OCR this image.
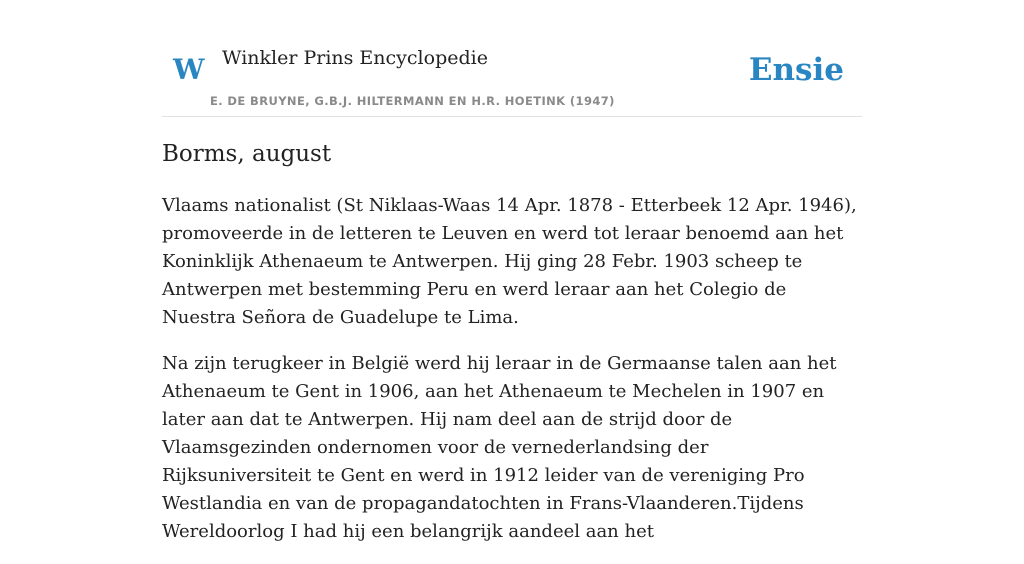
W Winkler Prins Encyclopedie
E. DE BRUYNE, G.B.J. HILTERMANN EN H.R. HOETINK (1947)
Ensie
Borms, august

Vlaams nationalist (St Niklaas-Waas 14 Apr. 1878 - Etterbeek 12 Apr. 1946), promoveerde in de letteren te Leuven en werd tot leraar benoemd aan het Koninklijk Athenaeum te Antwerpen. Hij ging 28 Febr. 1903 scheep te Antwerpen met bestemming Peru en werd leraar aan het Colegio de Nuestra Señora de Guadelupe te Lima.

Na zijn terugkeer in België werd hij leraar in de Germaanse talen aan het Athenaeum te Gent in 1906, aan het Athenaeum te Mechelen in 1907 en later aan dat te Antwerpen. Hij nam deel aan de strijd door de Vlaamsgezinden ondernomen voor de vernederlandsing der Rijksuniversiteit te Gent en werd in 1912 leider van de vereniging Pro Westlandia en van de propagandatochten in Frans-Vlaanderen.Tijdens Wereldoorlog I had hij een belangrijk aandeel aan het
